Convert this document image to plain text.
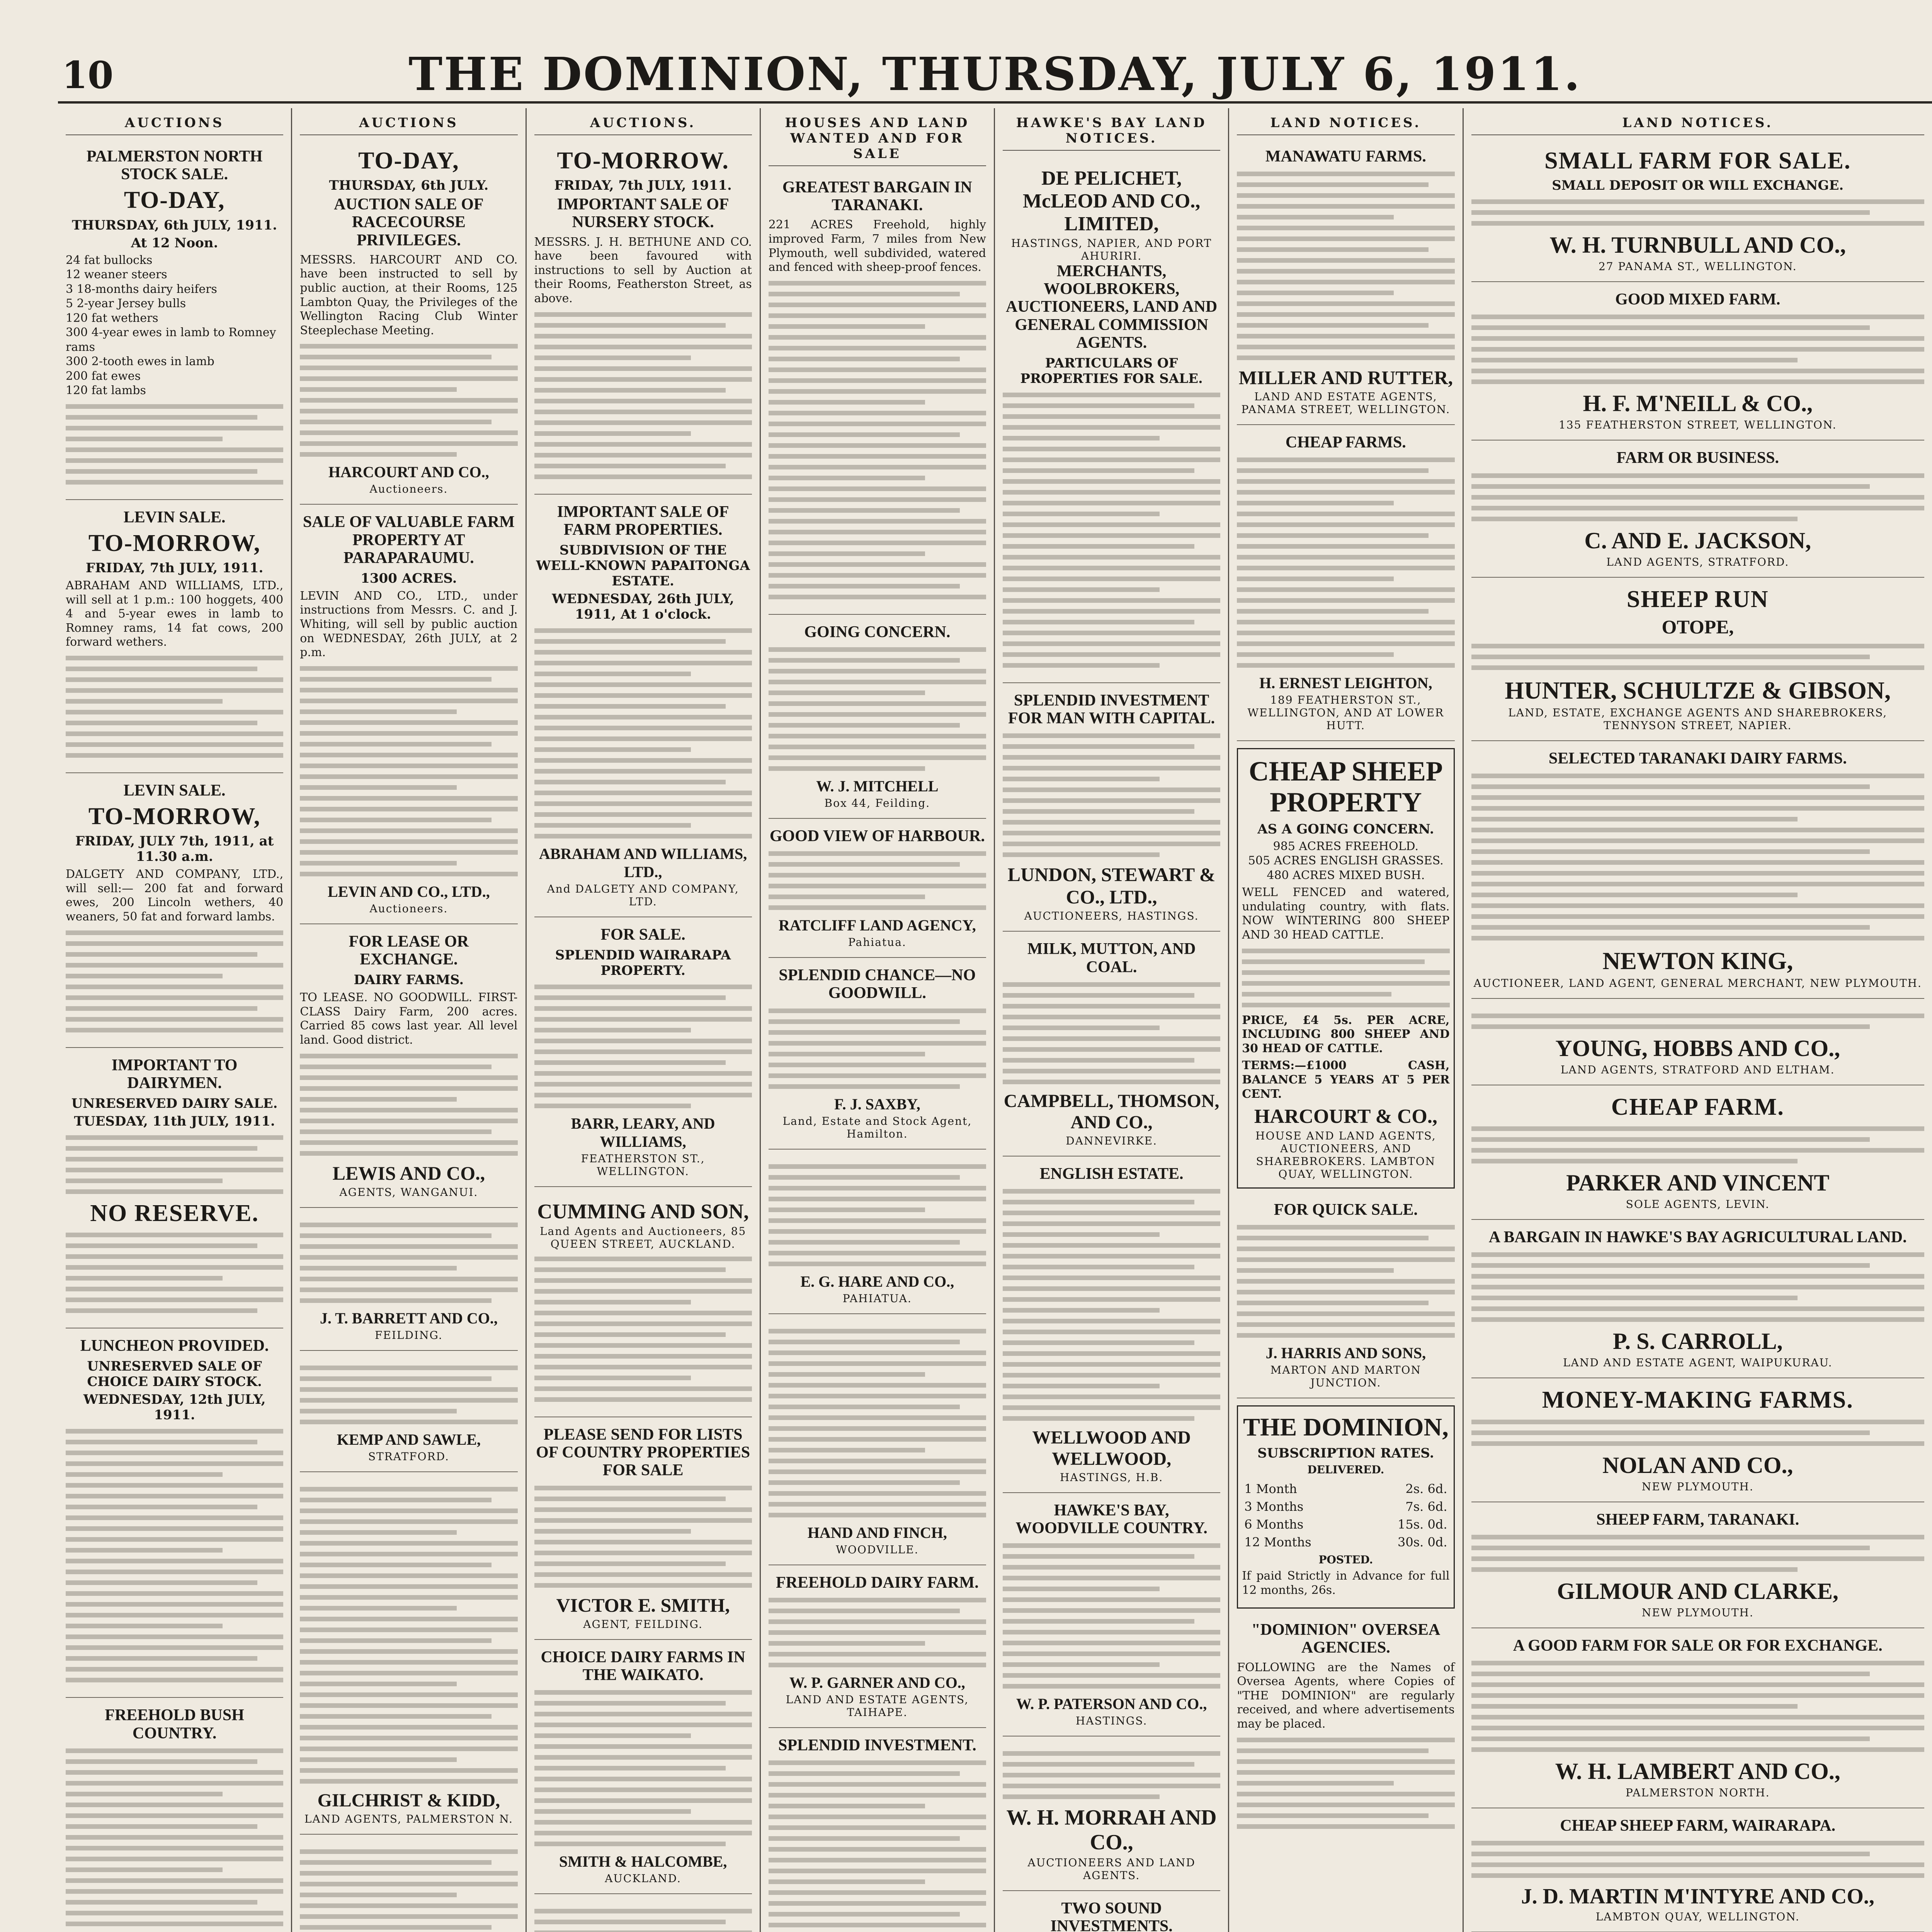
10	THE DOMINION, THURSDAY, JULY 6, 1911.
AUCTIONS
PALMERSTON NORTH STOCK SALE.
TO-DAY,
THURSDAY, 6th JULY, 1911.
At 12 Noon.
24 fat bullocks
12 weaner steers
3 18-months dairy heifers
5 2-year Jersey bulls
120 fat wethers
300 4-year ewes in lamb to Romney rams
300 2-tooth ewes in lamb
200 fat ewes
120 fat lambs
LEVIN SALE.
TO-MORROW,
FRIDAY, 7th JULY, 1911.
ABRAHAM AND WILLIAMS, LTD., will sell at 1 p.m.: 100 hoggets, 400 4 and 5-year ewes in lamb to Romney rams, 14 fat cows, 200 forward wethers.
LEVIN SALE.
TO-MORROW,
FRIDAY, JULY 7th, 1911, at 11.30 a.m.
DALGETY AND COMPANY, LTD., will sell:— 200 fat and forward ewes, 200 Lincoln wethers, 40 weaners, 50 fat and forward lambs.
IMPORTANT TO DAIRYMEN.
UNRESERVED DAIRY SALE.
TUESDAY, 11th JULY, 1911.
NO RESERVE.
LUNCHEON PROVIDED.
UNRESERVED SALE OF CHOICE DAIRY STOCK.
WEDNESDAY, 12th JULY, 1911.
FREEHOLD BUSH COUNTRY.
AUCTIONS
TO-DAY,
THURSDAY, 6th JULY.
AUCTION SALE OF RACECOURSE PRIVILEGES.
MESSRS. HARCOURT AND CO. have been instructed to sell by public auction, at their Rooms, 125 Lambton Quay, the Privileges of the Wellington Racing Club Winter Steeplechase Meeting.
HARCOURT AND CO.,
Auctioneers.
SALE OF VALUABLE FARM PROPERTY AT PARAPARAUMU.
1300 ACRES.
LEVIN AND CO., LTD., under instructions from Messrs. C. and J. Whiting, will sell by public auction on WEDNESDAY, 26th JULY, at 2 p.m.
LEVIN AND CO., LTD.,
Auctioneers.
FOR LEASE OR EXCHANGE.
DAIRY FARMS.
TO LEASE. NO GOODWILL. FIRST-CLASS Dairy Farm, 200 acres. Carried 85 cows last year. All level land. Good district.
LEWIS AND CO.,
AGENTS, WANGANUI.
J. T. BARRETT AND CO.,
FEILDING.
KEMP AND SAWLE,
STRATFORD.
GILCHRIST & KIDD,
LAND AGENTS, PALMERSTON N.
AUCTIONS.
TO-MORROW.
FRIDAY, 7th JULY, 1911.
IMPORTANT SALE OF NURSERY STOCK.
MESSRS. J. H. BETHUNE AND CO. have been favoured with instructions to sell by Auction at their Rooms, Featherston Street, as above.
IMPORTANT SALE OF FARM PROPERTIES.
SUBDIVISION OF THE WELL-KNOWN PAPAITONGA ESTATE.
WEDNESDAY, 26th JULY, 1911, At 1 o'clock.
ABRAHAM AND WILLIAMS, LTD.,
And DALGETY AND COMPANY, LTD.
FOR SALE.
SPLENDID WAIRARAPA PROPERTY.
BARR, LEARY, AND WILLIAMS,
FEATHERSTON ST., WELLINGTON.
CUMMING AND SON,
Land Agents and Auctioneers, 85 QUEEN STREET, AUCKLAND.
PLEASE SEND FOR LISTS OF COUNTRY PROPERTIES FOR SALE
VICTOR E. SMITH,
AGENT, FEILDING.
CHOICE DAIRY FARMS IN THE WAIKATO.
SMITH & HALCOMBE,
AUCKLAND.
HOUSES AND LAND WANTED AND FOR SALE
GREATEST BARGAIN IN TARANAKI.
221 ACRES Freehold, highly improved Farm, 7 miles from New Plymouth, well subdivided, watered and fenced with sheep-proof fences.
GOING CONCERN.
W. J. MITCHELL
Box 44, Feilding.
GOOD VIEW OF HARBOUR.
RATCLIFF LAND AGENCY,
Pahiatua.
SPLENDID CHANCE—NO GOODWILL.
F. J. SAXBY,
Land, Estate and Stock Agent, Hamilton.
E. G. HARE AND CO.,
PAHIATUA.
HAND AND FINCH,
WOODVILLE.
FREEHOLD DAIRY FARM.
W. P. GARNER AND CO.,
LAND AND ESTATE AGENTS, TAIHAPE.
SPLENDID INVESTMENT.
HAWKE'S BAY LAND NOTICES.
DE PELICHET, McLEOD AND CO., LIMITED,
HASTINGS, NAPIER, AND PORT AHURIRI.
MERCHANTS, WOOLBROKERS, AUCTIONEERS, LAND AND GENERAL COMMISSION AGENTS.
PARTICULARS OF PROPERTIES FOR SALE.
SPLENDID INVESTMENT FOR MAN WITH CAPITAL.
LUNDON, STEWART & CO., LTD.,
AUCTIONEERS, HASTINGS.
MILK, MUTTON, AND COAL.
CAMPBELL, THOMSON, AND CO.,
DANNEVIRKE.
ENGLISH ESTATE.
WELLWOOD AND WELLWOOD,
HASTINGS, H.B.
HAWKE'S BAY, WOODVILLE COUNTRY.
W. P. PATERSON AND CO.,
HASTINGS.
W. H. MORRAH AND CO.,
AUCTIONEERS AND LAND AGENTS.
TWO SOUND INVESTMENTS.
LAND NOTICES.
MANAWATU FARMS.
MILLER AND RUTTER,
LAND AND ESTATE AGENTS, PANAMA STREET, WELLINGTON.
CHEAP FARMS.
H. ERNEST LEIGHTON,
189 FEATHERSTON ST., WELLINGTON, AND AT LOWER HUTT.
CHEAP SHEEP PROPERTY
AS A GOING CONCERN.
985 ACRES FREEHOLD.
505 ACRES ENGLISH GRASSES.
480 ACRES MIXED BUSH.
WELL FENCED and watered, undulating country, with flats. NOW WINTERING 800 SHEEP AND 30 HEAD CATTLE.
PRICE, £4 5s. PER ACRE, INCLUDING 800 SHEEP AND 30 HEAD OF CATTLE.
TERMS:—£1000 CASH, BALANCE 5 YEARS AT 5 PER CENT.
HARCOURT & CO.,
HOUSE AND LAND AGENTS, AUCTIONEERS, AND SHAREBROKERS. LAMBTON QUAY, WELLINGTON.
FOR QUICK SALE.
J. HARRIS AND SONS,
MARTON AND MARTON JUNCTION.
THE DOMINION,
SUBSCRIPTION RATES.
DELIVERED.
1 Month	2s. 6d.
3 Months	7s. 6d.
6 Months	15s. 0d.
12 Months	30s. 0d.
POSTED.
If paid Strictly in Advance for full 12 months, 26s.
"DOMINION" OVERSEA AGENCIES.
FOLLOWING are the Names of Oversea Agents, where Copies of "THE DOMINION" are regularly received, and where advertisements may be placed.
LAND NOTICES.
SMALL FARM FOR SALE.
SMALL DEPOSIT OR WILL EXCHANGE.
W. H. TURNBULL AND CO.,
27 PANAMA ST., WELLINGTON.
GOOD MIXED FARM.
H. F. M'NEILL & CO.,
135 FEATHERSTON STREET, WELLINGTON.
FARM OR BUSINESS.
C. AND E. JACKSON,
LAND AGENTS, STRATFORD.
SHEEP RUN
OTOPE,
HUNTER, SCHULTZE & GIBSON,
LAND, ESTATE, EXCHANGE AGENTS AND SHAREBROKERS, TENNYSON STREET, NAPIER.
SELECTED TARANAKI DAIRY FARMS.
NEWTON KING,
AUCTIONEER, LAND AGENT, GENERAL MERCHANT, NEW PLYMOUTH.
YOUNG, HOBBS AND CO.,
LAND AGENTS, STRATFORD AND ELTHAM.
CHEAP FARM.
PARKER AND VINCENT
SOLE AGENTS, LEVIN.
A BARGAIN IN HAWKE'S BAY AGRICULTURAL LAND.
P. S. CARROLL,
LAND AND ESTATE AGENT, WAIPUKURAU.
MONEY-MAKING FARMS.
NOLAN AND CO.,
NEW PLYMOUTH.
SHEEP FARM, TARANAKI.
GILMOUR AND CLARKE,
NEW PLYMOUTH.
A GOOD FARM FOR SALE OR FOR EXCHANGE.
W. H. LAMBERT AND CO.,
PALMERSTON NORTH.
CHEAP SHEEP FARM, WAIRARAPA.
J. D. MARTIN M'INTYRE AND CO.,
LAMBTON QUAY, WELLINGTON.
